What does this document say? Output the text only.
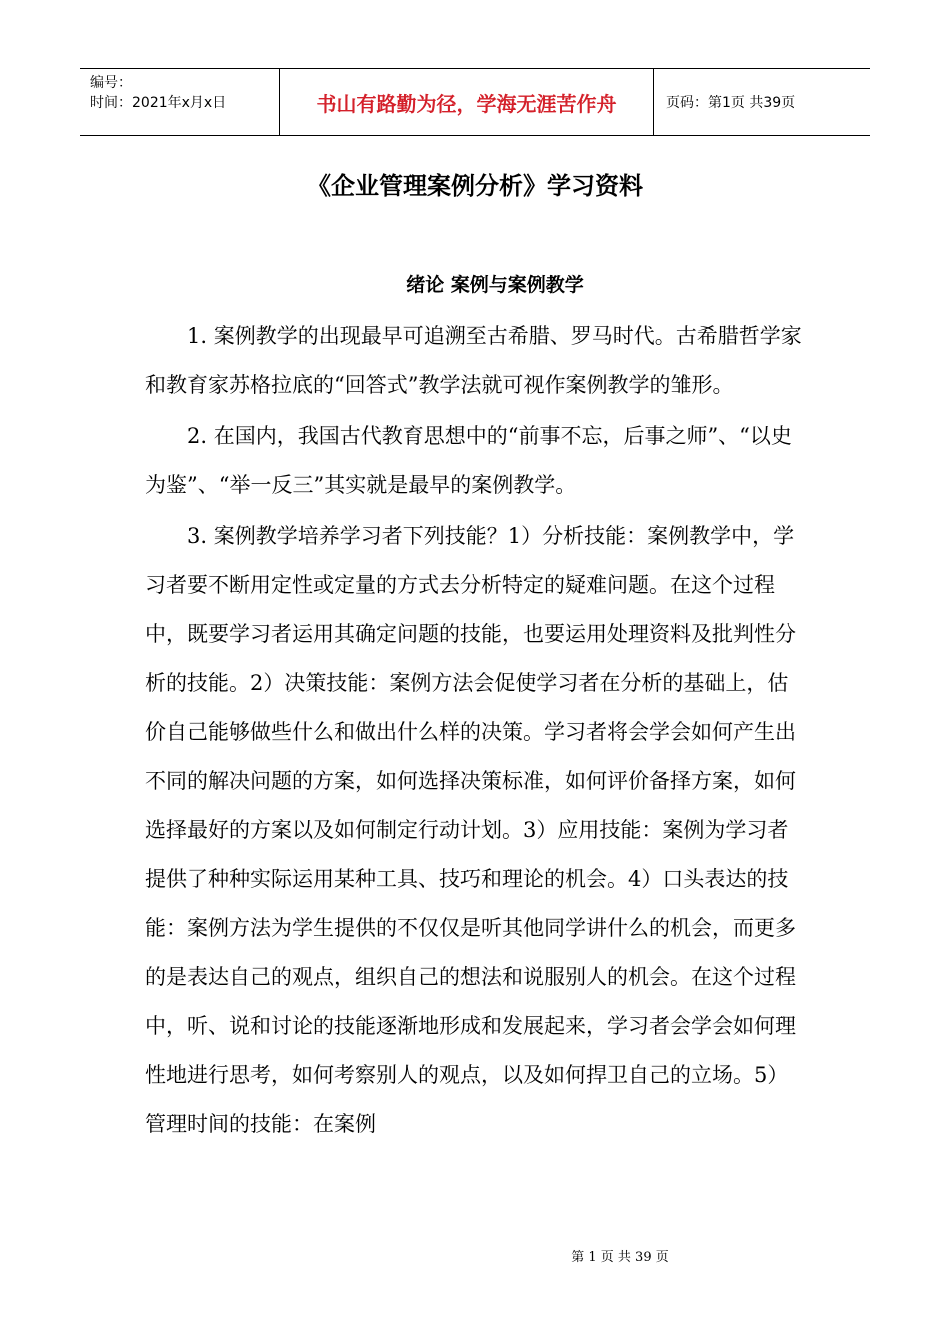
编号：
时间：2021年x月x日	书山有路勤为径，学海无涯苦作舟	页码：第1页 共39页
《企业管理案例分析》学习资料
绪论 案例与案例教学

1. 案例教学的出现最早可追溯至古希腊、罗马时代。古希腊哲学家和教育家苏格拉底的“回答式”教学法就可视作案例教学的雏形。

2. 在国内，我国古代教育思想中的“前事不忘，后事之师”、“以史为鉴”、“举一反三”其实就是最早的案例教学。

3. 案例教学培养学习者下列技能？1）分析技能：案例教学中，学习者要不断用定性或定量的方式去分析特定的疑难问题。在这个过程中，既要学习者运用其确定问题的技能，也要运用处理资料及批判性分析的技能。2）决策技能：案例方法会促使学习者在分析的基础上，估价自己能够做些什么和做出什么样的决策。学习者将会学会如何产生出不同的解决问题的方案，如何选择决策标准，如何评价备择方案，如何选择最好的方案以及如何制定行动计划。3）应用技能：案例为学习者提供了种种实际运用某种工具、技巧和理论的机会。4）口头表达的技能：案例方法为学生提供的不仅仅是听其他同学讲什么的机会，而更多的是表达自己的观点，组织自己的想法和说服别人的机会。在这个过程中，听、说和讨论的技能逐渐地形成和发展起来，学习者会学会如何理性地进行思考，如何考察别人的观点，以及如何捍卫自己的立场。5）管理时间的技能：在案例

第 1 页 共 39 页
